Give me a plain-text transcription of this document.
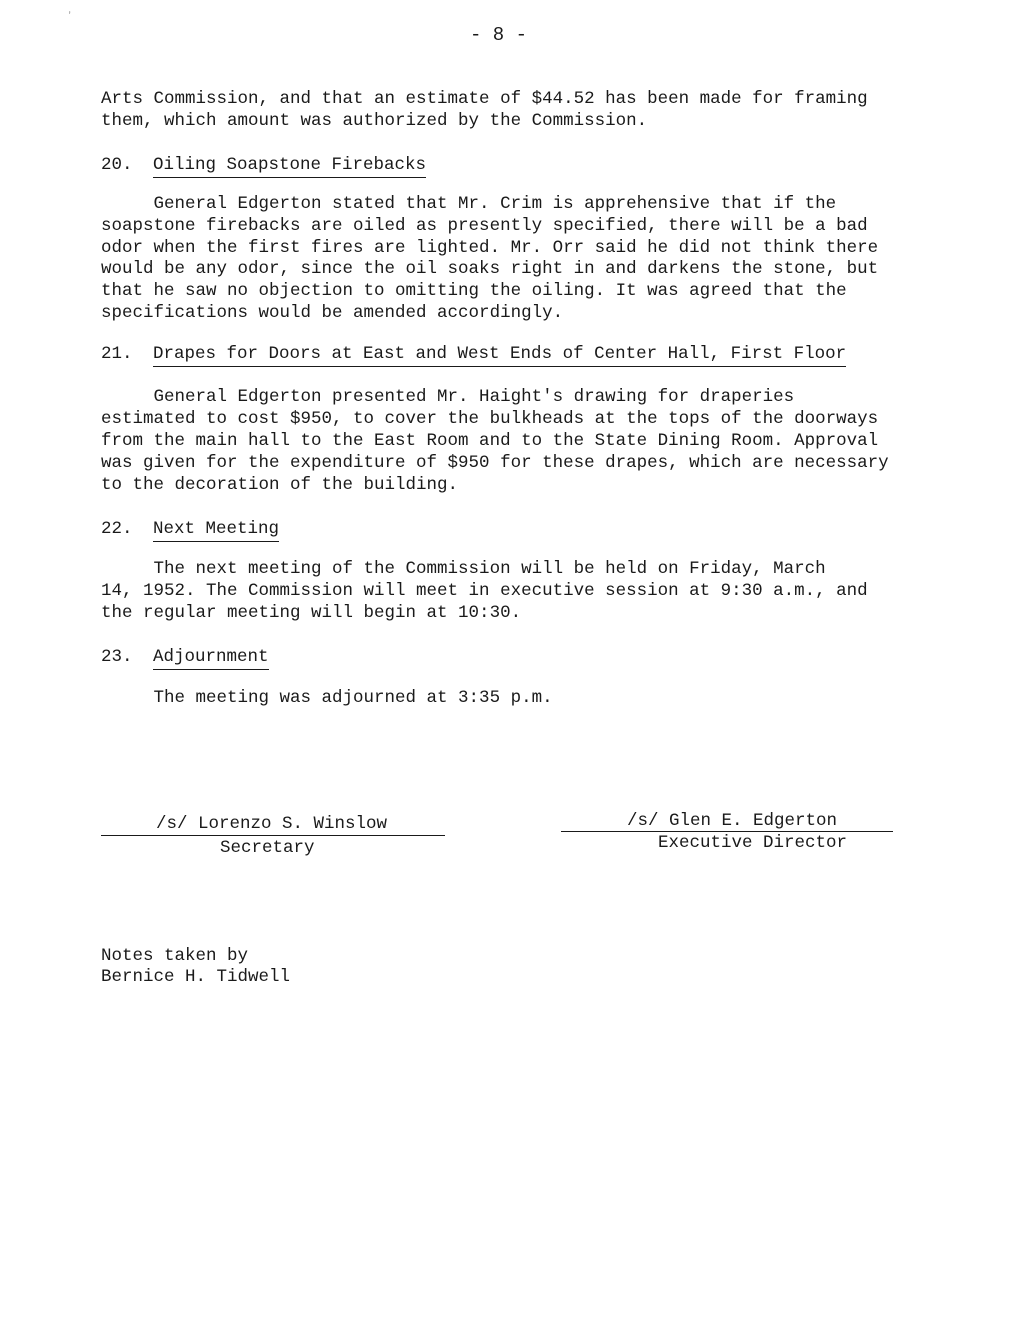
ʼ
- 8 -
Arts Commission, and that an estimate of $44.52 has been made for framing
them, which amount was authorized by the Commission.
20. Oiling Soapstone Firebacks
General Edgerton stated that Mr. Crim is apprehensive that if the
soapstone firebacks are oiled as presently specified, there will be a bad
odor when the first fires are lighted. Mr. Orr said he did not think there
would be any odor, since the oil soaks right in and darkens the stone, but
that he saw no objection to omitting the oiling. It was agreed that the
specifications would be amended accordingly.
21. Drapes for Doors at East and West Ends of Center Hall, First Floor
General Edgerton presented Mr. Haight's drawing for draperies
estimated to cost $950, to cover the bulkheads at the tops of the doorways
from the main hall to the East Room and to the State Dining Room. Approval
was given for the expenditure of $950 for these drapes, which are necessary
to the decoration of the building.
22. Next Meeting
The next meeting of the Commission will be held on Friday, March
14, 1952. The Commission will meet in executive session at 9:30 a.m., and
the regular meeting will begin at 10:30.
23. Adjournment
The meeting was adjourned at 3:35 p.m.
/s/ Lorenzo S. Winslow
Secretary
/s/ Glen E. Edgerton
Executive Director
Notes taken by
Bernice H. Tidwell
